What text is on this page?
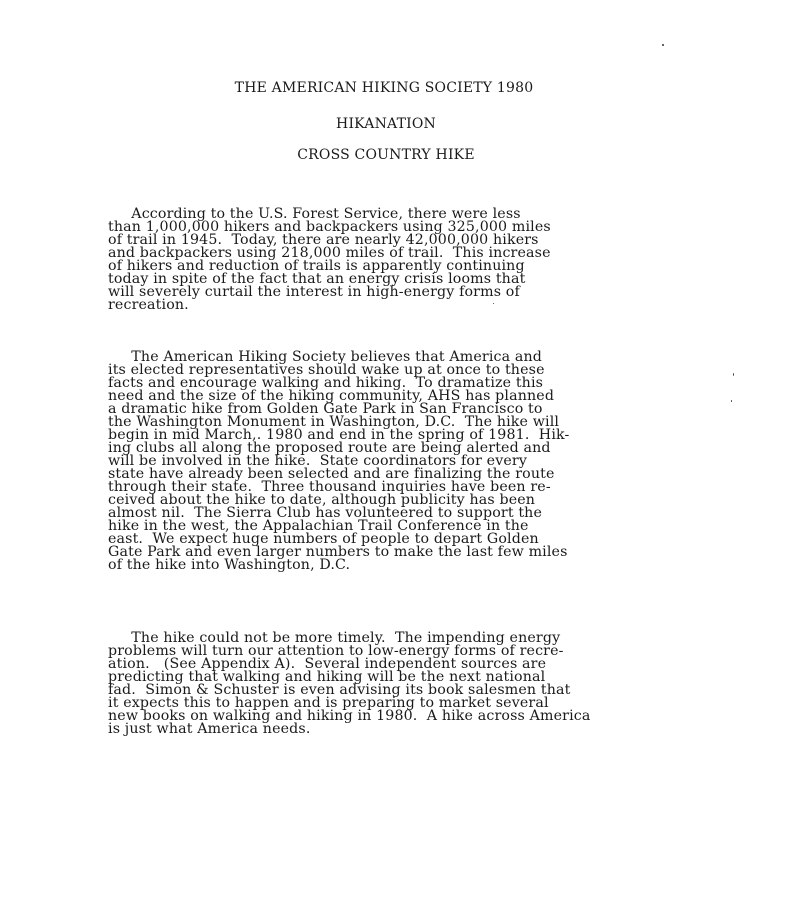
THE AMERICAN HIKING SOCIETY 1980
HIKANATION
CROSS COUNTRY HIKE
According to the U.S. Forest Service, there were less
than 1,000,000 hikers and backpackers using 325,000 miles
of trail in 1945.  Today, there are nearly 42,000,000 hikers
and backpackers using 218,000 miles of trail.  This increase
of hikers and reduction of trails is apparently continuing
today in spite of the fact that an energy crisis looms that
will severely curtail the interest in high-energy forms of
recreation.
The American Hiking Society believes that America and
its elected representatives should wake up at once to these
facts and encourage walking and hiking.  To dramatize this
need and the size of the hiking community, AHS has planned
a dramatic hike from Golden Gate Park in San Francisco to
the Washington Monument in Washington, D.C.  The hike will
begin in mid March,. 1980 and end in the spring of 1981.  Hik-
ing clubs all along the proposed route are being alerted and
will be involved in the hike.  State coordinators for every
state have already been selected and are finalizing the route
through their state.  Three thousand inquiries have been re-
ceived about the hike to date, although publicity has been
almost nil.  The Sierra Club has volunteered to support the
hike in the west, the Appalachian Trail Conference in the
east.  We expect huge numbers of people to depart Golden
Gate Park and even larger numbers to make the last few miles
of the hike into Washington, D.C.
The hike could not be more timely.  The impending energy
problems will turn our attention to low-energy forms of recre-
ation.   (See Appendix A).  Several independent sources are
predicting that walking and hiking will be the next national
fad.  Simon & Schuster is even advising its book salesmen that
it expects this to happen and is preparing to market several
new books on walking and hiking in 1980.  A hike across America
is just what America needs.
